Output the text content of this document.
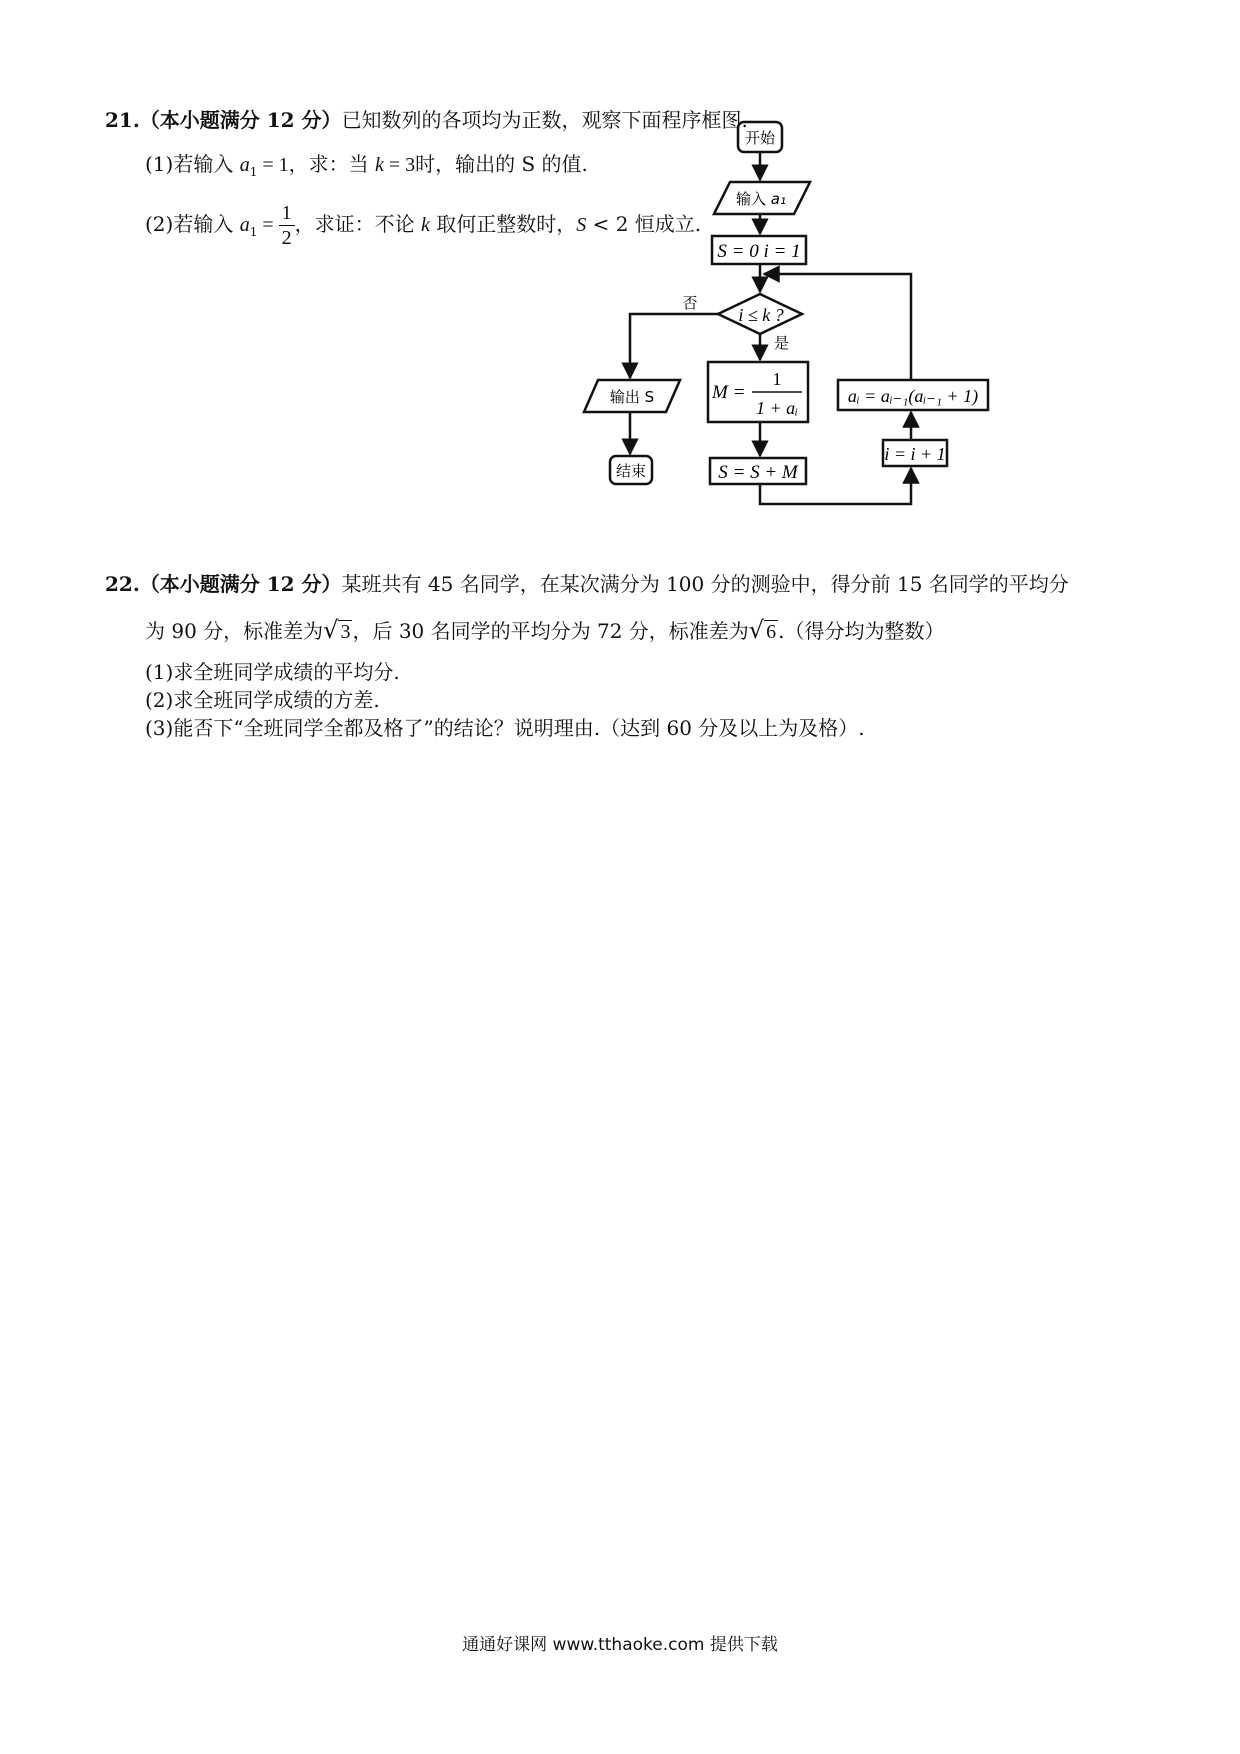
21.（本小题满分 12 分）已知数列的各项均为正数，观察下面程序框图.
(1)若输入 $a_1 = 1$，求：当 k = 3时，输出的 S 的值.
(2)若输入 $a_1 = \frac{1}{2}$ ，求证：不论 k 取何正整数时，S < 2 恒成立.
开始
输入 a₁
S = 0 i = 1
i ≤ k ?
否
是
M =
1
1 + aᵢ
S = S + M
i = i + 1
aᵢ = aᵢ₋₁(aᵢ₋₁ + 1)
输出 S
结束
22.（本小题满分 12 分）某班共有 45 名同学，在某次满分为 100 分的测验中，得分前 15 名同学的平均分
为 90 分，标准差为√ 3 ，后 30 名同学的平均分为 72 分，标准差为√ 6 .（得分均为整数）
(1)求全班同学成绩的平均分.
(2)求全班同学成绩的方差.
(3)能否下“全班同学全都及格了”的结论？说明理由.（达到 60 分及以上为及格）.
通通好课网 www.tthaoke.com 提供下载
